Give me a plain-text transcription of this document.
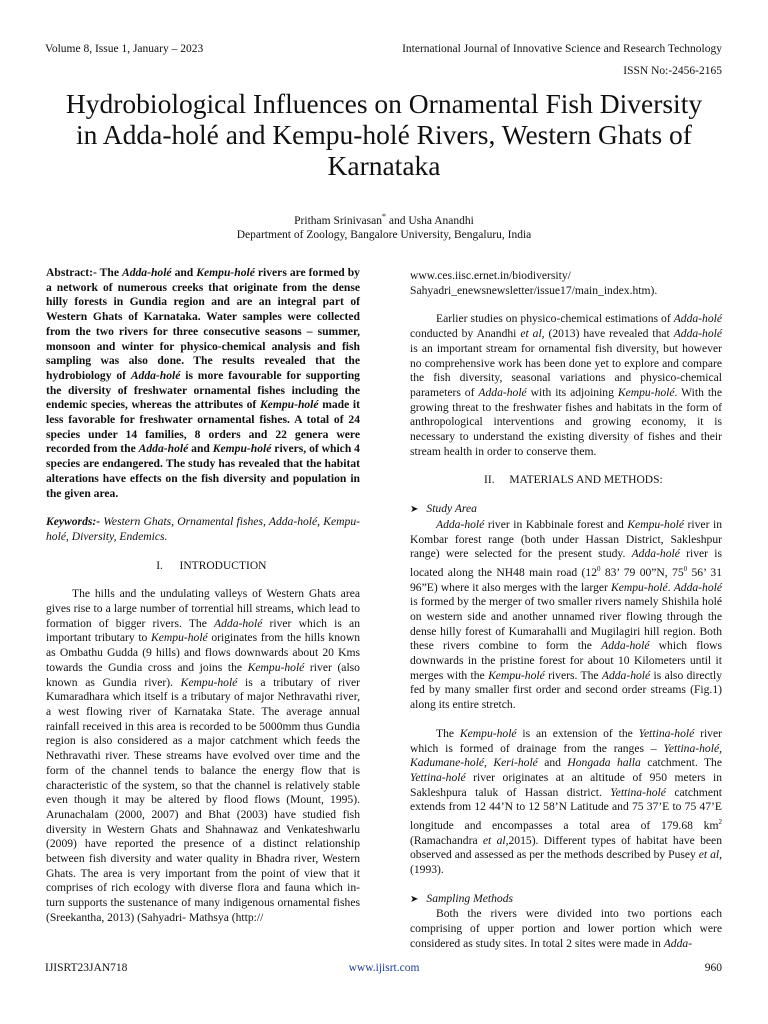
Volume 8, Issue 1, January – 2023	International Journal of Innovative Science and Research Technology
ISSN No:-2456-2165
Hydrobiological Influences on Ornamental Fish Diversity in Adda-holé and Kempu-holé Rivers, Western Ghats of Karnataka
Pritham Srinivasan* and Usha Anandhi
Department of Zoology, Bangalore University, Bengaluru, India

Abstract:- The Adda-holé and Kempu-holé rivers are formed by a network of numerous creeks that originate from the dense hilly forests in Gundia region and are an integral part of Western Ghats of Karnataka. Water samples were collected from the two rivers for three consecutive seasons – summer, monsoon and winter for physico-chemical analysis and fish sampling was also done. The results revealed that the hydrobiology of Adda-holé is more favourable for supporting the diversity of freshwater ornamental fishes including the endemic species, whereas the attributes of Kempu-holé made it less favorable for freshwater ornamental fishes. A total of 24 species under 14 families, 8 orders and 22 genera were recorded from the Adda-holé and Kempu-holé rivers, of which 4 species are endangered. The study has revealed that the habitat alterations have effects on the fish diversity and population in the given area.

Keywords:- Western Ghats, Ornamental fishes, Adda-holé, Kempu-holé, Diversity, Endemics.

I. INTRODUCTION

The hills and the undulating valleys of Western Ghats area gives rise to a large number of torrential hill streams, which lead to formation of bigger rivers. The Adda-holé river which is an important tributary to Kempu-holé originates from the hills known as Ombathu Gudda (9 hills) and flows downwards about 20 Kms towards the Gundia cross and joins the Kempu-holé river (also known as Gundia river). Kempu-holé is a tributary of river Kumaradhara which itself is a tributary of major Nethravathi river, a west flowing river of Karnataka State. The average annual rainfall received in this area is recorded to be 5000mm thus Gundia region is also considered as a major catchment which feeds the Nethravathi river. These streams have evolved over time and the form of the channel tends to balance the energy flow that is characteristic of the system, so that the channel is relatively stable even though it may be altered by flood flows (Mount, 1995). Arunachalam (2000, 2007) and Bhat (2003) have studied fish diversity in Western Ghats and Shahnawaz and Venkateshwarlu (2009) have reported the presence of a distinct relationship between fish diversity and water quality in Bhadra river, Western Ghats. The area is very important from the point of view that it comprises of rich ecology with diverse flora and fauna which in-turn supports the sustenance of many indigenous ornamental fishes (Sreekantha, 2013) (Sahyadri- Mathsya (http://

www.ces.iisc.ernet.in/biodiversity/
Sahyadri_enewsnewsletter/issue17/main_index.htm).

Earlier studies on physico-chemical estimations of Adda-holé conducted by Anandhi et al, (2013) have revealed that Adda-holé is an important stream for ornamental fish diversity, but however no comprehensive work has been done yet to explore and compare the fish diversity, seasonal variations and physico-chemical parameters of Adda-holé with its adjoining Kempu-holé. With the growing threat to the freshwater fishes and habitats in the form of anthropological interventions and growing economy, it is necessary to understand the existing diversity of fishes and their stream health in order to conserve them.

II. MATERIALS AND METHODS:

➤ Study Area

Adda-holé river in Kabbinale forest and Kempu-holé river in Kombar forest range (both under Hassan District, Sakleshpur range) were selected for the present study. Adda-holé river is located along the NH48 main road ($12^0$ 83’ 79 00”N, $75^0$ 56’ 31 96”E) where it also merges with the larger Kempu-holé. Adda-holé is formed by the merger of two smaller rivers namely Shishila holé on western side and another unnamed river flowing through the dense hilly forest of Kumarahalli and Mugilagiri hill region. Both these rivers combine to form the Adda-holé which flows downwards in the pristine forest for about 10 Kilometers until it merges with the Kempu-holé rivers. The Adda-holé is also directly fed by many smaller first order and second order streams (Fig.1) along its entire stretch.

The Kempu-holé is an extension of the Yettina-holé river which is formed of drainage from the ranges – Yettina-holé, Kadumane-holé, Keri-holé and Hongada halla catchment. The Yettina-holé river originates at an altitude of 950 meters in Sakleshpura taluk of Hassan district. Yettina-holé catchment extends from 12 44’N to 12 58’N Latitude and 75 37’E to 75 47’E longitude and encompasses a total area of 179.68 $km^2$ (Ramachandra et al,2015). Different types of habitat have been observed and assessed as per the methods described by Pusey et al, (1993).

➤ Sampling Methods

Both the rivers were divided into two portions each comprising of upper portion and lower portion which were considered as study sites. In total 2 sites were made in Adda-

IJISRT23JAN718	www.ijisrt.com	960
